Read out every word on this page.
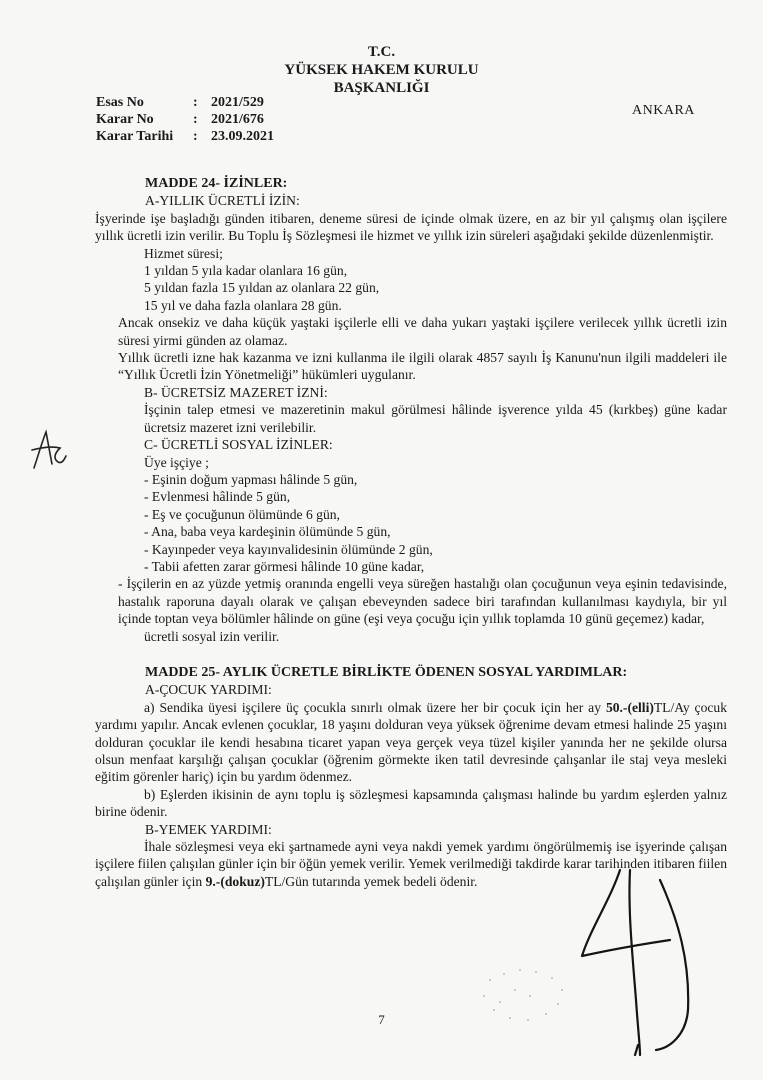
T.C.
YÜKSEK HAKEM KURULU
BAŞKANLIĞI
Esas No	: 2021/529
Karar No	: 2021/676
Karar Tarihi : 23.09.2021
ANKARA

MADDE 24- İZİNLER:

A-YILLIK ÜCRETLİ İZİN:

İşyerinde işe başladığı günden itibaren, deneme süresi de içinde olmak üzere, en az bir yıl çalışmış olan işçilere yıllık ücretli izin verilir. Bu Toplu İş Sözleşmesi ile hizmet ve yıllık izin süreleri aşağıdaki şekilde düzenlenmiştir.

Hizmet süresi;

1 yıldan 5 yıla kadar olanlara 16 gün,

5 yıldan fazla 15 yıldan az olanlara 22 gün,

15 yıl ve daha fazla olanlara 28 gün.

Ancak onsekiz ve daha küçük yaştaki işçilerle elli ve daha yukarı yaştaki işçilere verilecek yıllık ücretli izin süresi yirmi günden az olamaz.

Yıllık ücretli izne hak kazanma ve izni kullanma ile ilgili olarak 4857 sayılı İş Kanunu'nun ilgili maddeleri ile “Yıllık Ücretli İzin Yönetmeliği” hükümleri uygulanır.

B- ÜCRETSİZ MAZERET İZNİ:

İşçinin talep etmesi ve mazeretinin makul görülmesi hâlinde işverence yılda 45 (kırkbeş) güne kadar ücretsiz mazeret izni verilebilir.

C- ÜCRETLİ SOSYAL İZİNLER:

Üye işçiye ;

- Eşinin doğum yapması hâlinde 5 gün,

- Evlenmesi hâlinde 5 gün,

- Eş ve çocuğunun ölümünde 6 gün,

- Ana, baba veya kardeşinin ölümünde 5 gün,

- Kayınpeder veya kayınvalidesinin ölümünde 2 gün,

- Tabii afetten zarar görmesi hâlinde 10 güne kadar,

- İşçilerin en az yüzde yetmiş oranında engelli veya süreğen hastalığı olan çocuğunun veya eşinin tedavisinde, hastalık raporuna dayalı olarak ve çalışan ebeveynden sadece biri tarafından kullanılması kaydıyla, bir yıl içinde toptan veya bölümler hâlinde on güne (eşi veya çocuğu için yıllık toplamda 10 günü geçemez) kadar,

ücretli sosyal izin verilir.

MADDE 25- AYLIK ÜCRETLE BİRLİKTE ÖDENEN SOSYAL YARDIMLAR:

A-ÇOCUK YARDIMI:

a) Sendika üyesi işçilere üç çocukla sınırlı olmak üzere her bir çocuk için her ay 50.-(elli)TL/Ay çocuk yardımı yapılır. Ancak evlenen çocuklar, 18 yaşını dolduran veya yüksek öğrenime devam etmesi halinde 25 yaşını dolduran çocuklar ile kendi hesabına ticaret yapan veya gerçek veya tüzel kişiler yanında her ne şekilde olursa olsun menfaat karşılığı çalışan çocuklar (öğrenim görmekte iken tatil devresinde çalışanlar ile staj veya mesleki eğitim görenler hariç) için bu yardım ödenmez.

b) Eşlerden ikisinin de aynı toplu iş sözleşmesi kapsamında çalışması halinde bu yardım eşlerden yalnız birine ödenir.

B-YEMEK YARDIMI:

İhale sözleşmesi veya eki şartnamede ayni veya nakdi yemek yardımı öngörülmemiş ise işyerinde çalışan işçilere fiilen çalışılan günler için bir öğün yemek verilir. Yemek verilmediği takdirde karar tarihinden itibaren fiilen çalışılan günler için 9.-(dokuz)TL/Gün tutarında yemek bedeli ödenir.

7
